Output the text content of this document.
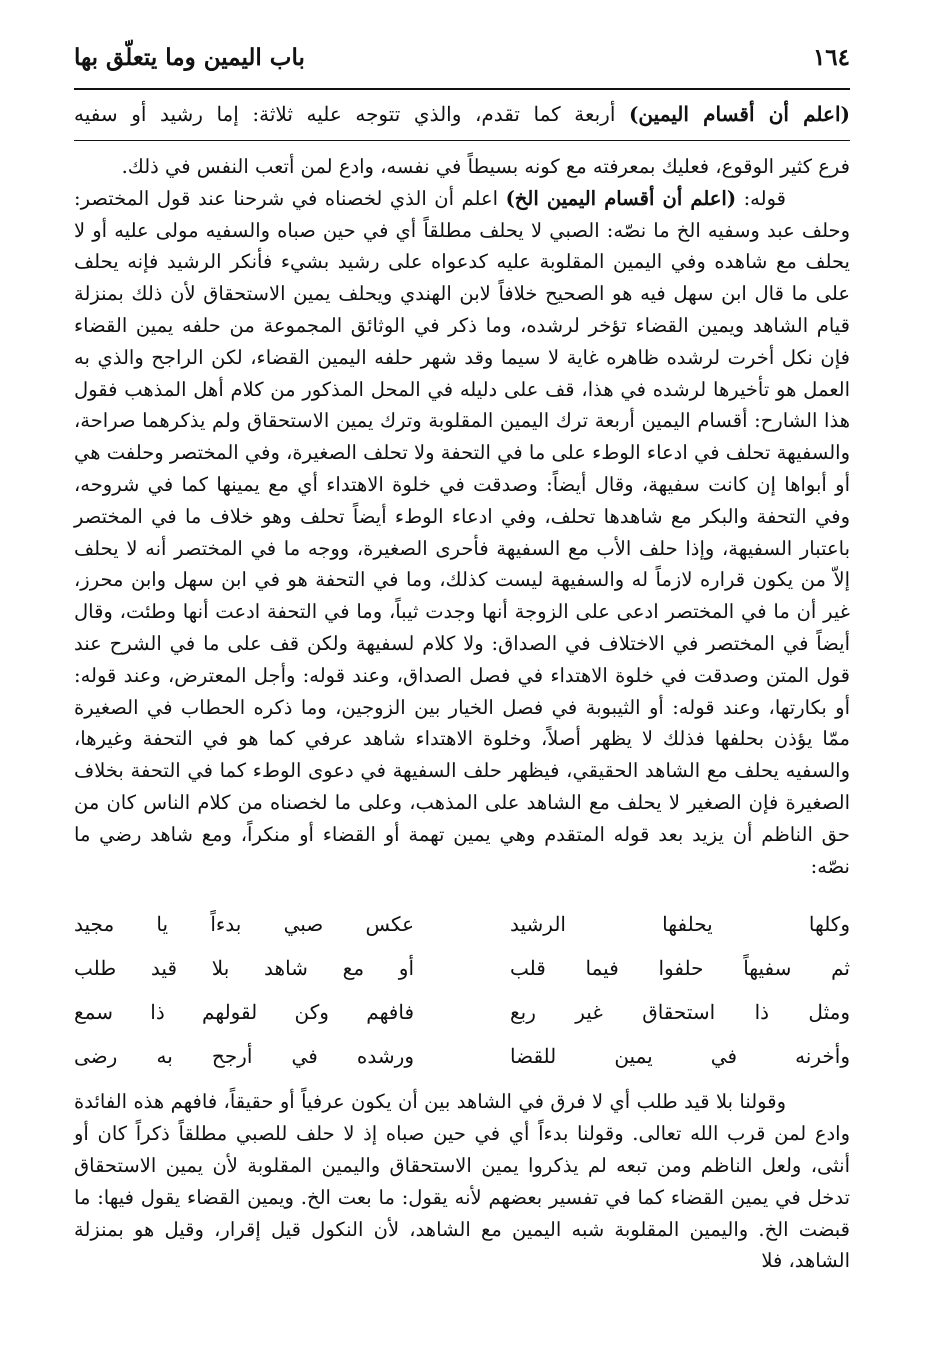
١٦٤
باب اليمين وما يتعلّق بها
(اعلم أن أقسام اليمين) أربعة كما تقدم، والذي تتوجه عليه ثلاثة: إما رشيد أو سفيه

فرع كثير الوقوع، فعليك بمعرفته مع كونه بسيطاً في نفسه، وادع لمن أتعب النفس في ذلك.

قوله: (اعلم أن أقسام اليمين الخ) اعلم أن الذي لخصناه في شرحنا عند قول المختصر: وحلف عبد وسفيه الخ ما نصّه: الصبي لا يحلف مطلقاً أي في حين صباه والسفيه مولى عليه أو لا يحلف مع شاهده وفي اليمين المقلوبة عليه كدعواه على رشيد بشيء فأنكر الرشيد فإنه يحلف على ما قال ابن سهل فيه هو الصحيح خلافاً لابن الهندي ويحلف يمين الاستحقاق لأن ذلك بمنزلة قيام الشاهد ويمين القضاء تؤخر لرشده، وما ذكر في الوثائق المجموعة من حلفه يمين القضاء فإن نكل أخرت لرشده ظاهره غاية لا سيما وقد شهر حلفه اليمين القضاء، لكن الراجح والذي به العمل هو تأخيرها لرشده في هذا، قف على دليله في المحل المذكور من كلام أهل المذهب فقول هذا الشارح: أقسام اليمين أربعة ترك اليمين المقلوبة وترك يمين الاستحقاق ولم يذكرهما صراحة، والسفيهة تحلف في ادعاء الوطء على ما في التحفة ولا تحلف الصغيرة، وفي المختصر وحلفت هي أو أبواها إن كانت سفيهة، وقال أيضاً: وصدقت في خلوة الاهتداء أي مع يمينها كما في شروحه، وفي التحفة والبكر مع شاهدها تحلف، وفي ادعاء الوطء أيضاً تحلف وهو خلاف ما في المختصر باعتبار السفيهة، وإذا حلف الأب مع السفيهة فأحرى الصغيرة، ووجه ما في المختصر أنه لا يحلف إلاّ من يكون قراره لازماً له والسفيهة ليست كذلك، وما في التحفة هو في ابن سهل وابن محرز، غير أن ما في المختصر ادعى على الزوجة أنها وجدت ثيباً، وما في التحفة ادعت أنها وطئت، وقال أيضاً في المختصر في الاختلاف في الصداق: ولا كلام لسفيهة ولكن قف على ما في الشرح عند قول المتن وصدقت في خلوة الاهتداء في فصل الصداق، وعند قوله: وأجل المعترض، وعند قوله: أو بكارتها، وعند قوله: أو الثيبوبة في فصل الخيار بين الزوجين، وما ذكره الحطاب في الصغيرة ممّا يؤذن بحلفها فذلك لا يظهر أصلاً، وخلوة الاهتداء شاهد عرفي كما هو في التحفة وغيرها، والسفيه يحلف مع الشاهد الحقيقي، فيظهر حلف السفيهة في دعوى الوطء كما في التحفة بخلاف الصغيرة فإن الصغير لا يحلف مع الشاهد على المذهب، وعلى ما لخصناه من كلام الناس كان من حق الناظم أن يزيد بعد قوله المتقدم وهي يمين تهمة أو القضاء أو منكراً، ومع شاهد رضي ما نصّه:

وكلها يحلفها الرشيد
عكس صبي بدءاً يا مجيد
ثم سفيهاً حلفوا فيما قلب
أو مع شاهد بلا قيد طلب
ومثل ذا استحقاق غير ربع
فافهم وكن لقولهم ذا سمع
وأخرنه في يمين للقضا
ورشده في أرجح به رضى

وقولنا بلا قيد طلب أي لا فرق في الشاهد بين أن يكون عرفياً أو حقيقاً، فافهم هذه الفائدة وادع لمن قرب الله تعالى. وقولنا بدءاً أي في حين صباه إذ لا حلف للصبي مطلقاً ذكراً كان أو أنثى، ولعل الناظم ومن تبعه لم يذكروا يمين الاستحقاق واليمين المقلوبة لأن يمين الاستحقاق تدخل في يمين القضاء كما في تفسير بعضهم لأنه يقول: ما بعت الخ. ويمين القضاء يقول فيها: ما قبضت الخ. واليمين المقلوبة شبه اليمين مع الشاهد، لأن النكول قيل إقرار، وقيل هو بمنزلة الشاهد، فلا
